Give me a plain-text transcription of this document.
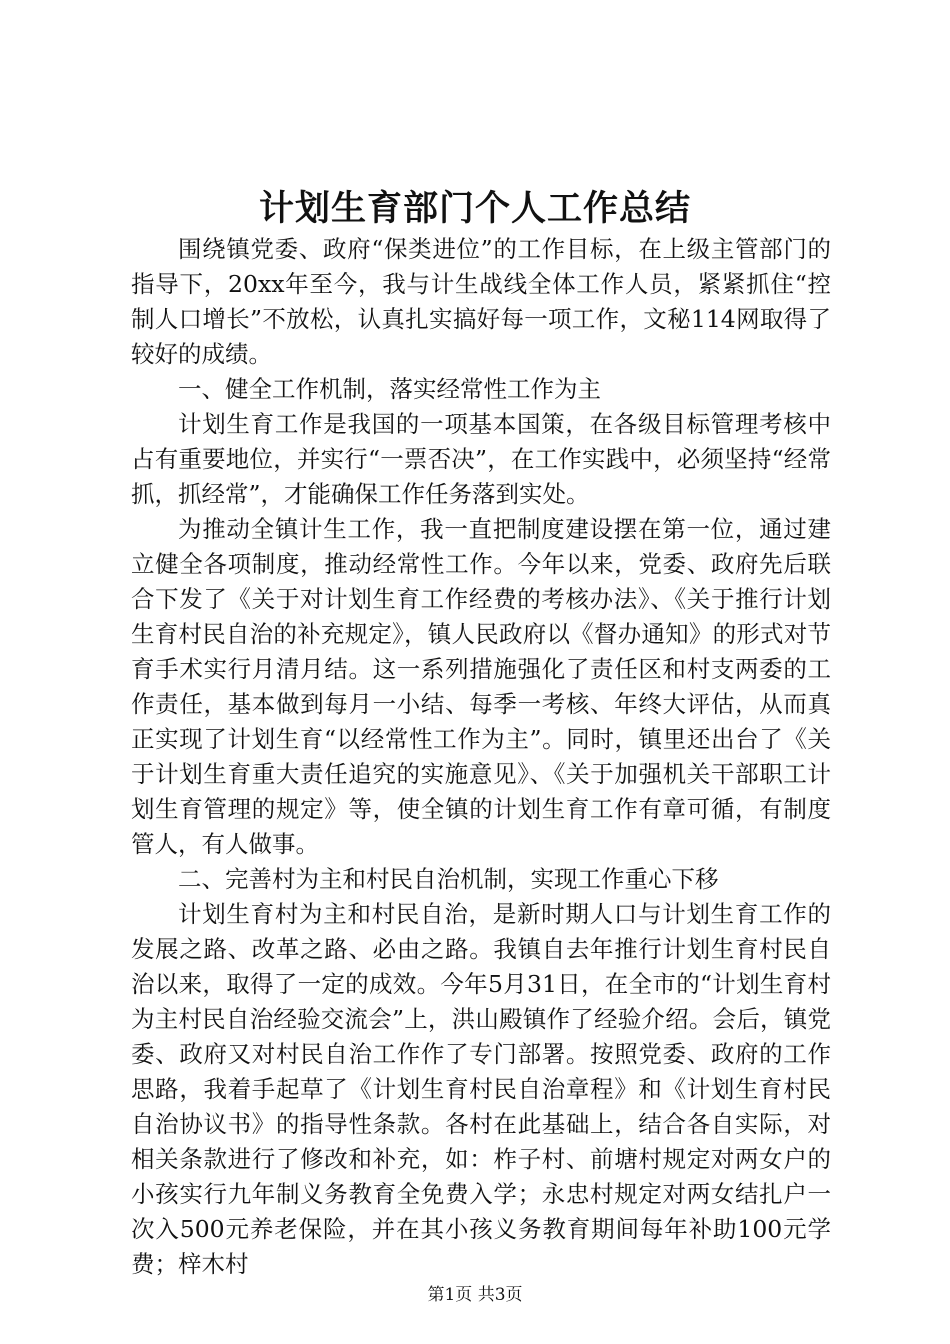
计划生育部门个人工作总结

围绕镇党委、政府“保类进位”的工作目标，在上级主管部门的指导下，20xx年至今，我与计生战线全体工作人员，紧紧抓住“控制人口增长”不放松，认真扎实搞好每一项工作，文秘114网取得了较好的成绩。

一、健全工作机制，落实经常性工作为主

计划生育工作是我国的一项基本国策，在各级目标管理考核中占有重要地位，并实行“一票否决”，在工作实践中，必须坚持“经常抓，抓经常”，才能确保工作任务落到实处。

为推动全镇计生工作，我一直把制度建设摆在第一位，通过建立健全各项制度，推动经常性工作。今年以来，党委、政府先后联合下发了《关于对计划生育工作经费的考核办法》、《关于推行计划生育村民自治的补充规定》，镇人民政府以《督办通知》的形式对节育手术实行月清月结。这一系列措施强化了责任区和村支两委的工作责任，基本做到每月一小结、每季一考核、年终大评估，从而真正实现了计划生育“以经常性工作为主”。同时，镇里还出台了《关于计划生育重大责任追究的实施意见》、《关于加强机关干部职工计划生育管理的规定》等，使全镇的计划生育工作有章可循，有制度管人，有人做事。

二、完善村为主和村民自治机制，实现工作重心下移

计划生育村为主和村民自治，是新时期人口与计划生育工作的发展之路、改革之路、必由之路。我镇自去年推行计划生育村民自治以来，取得了一定的成效。今年5月31日，在全市的“计划生育村为主村民自治经验交流会”上，洪山殿镇作了经验介绍。会后，镇党委、政府又对村民自治工作作了专门部署。按照党委、政府的工作思路，我着手起草了《计划生育村民自治章程》和《计划生育村民自治协议书》的指导性条款。各村在此基础上，结合各自实际，对相关条款进行了修改和补充，如：柞子村、前塘村规定对两女户的小孩实行九年制义务教育全免费入学；永忠村规定对两女结扎户一次入500元养老保险，并在其小孩义务教育期间每年补助100元学费；梓木村

第1页 共3页
